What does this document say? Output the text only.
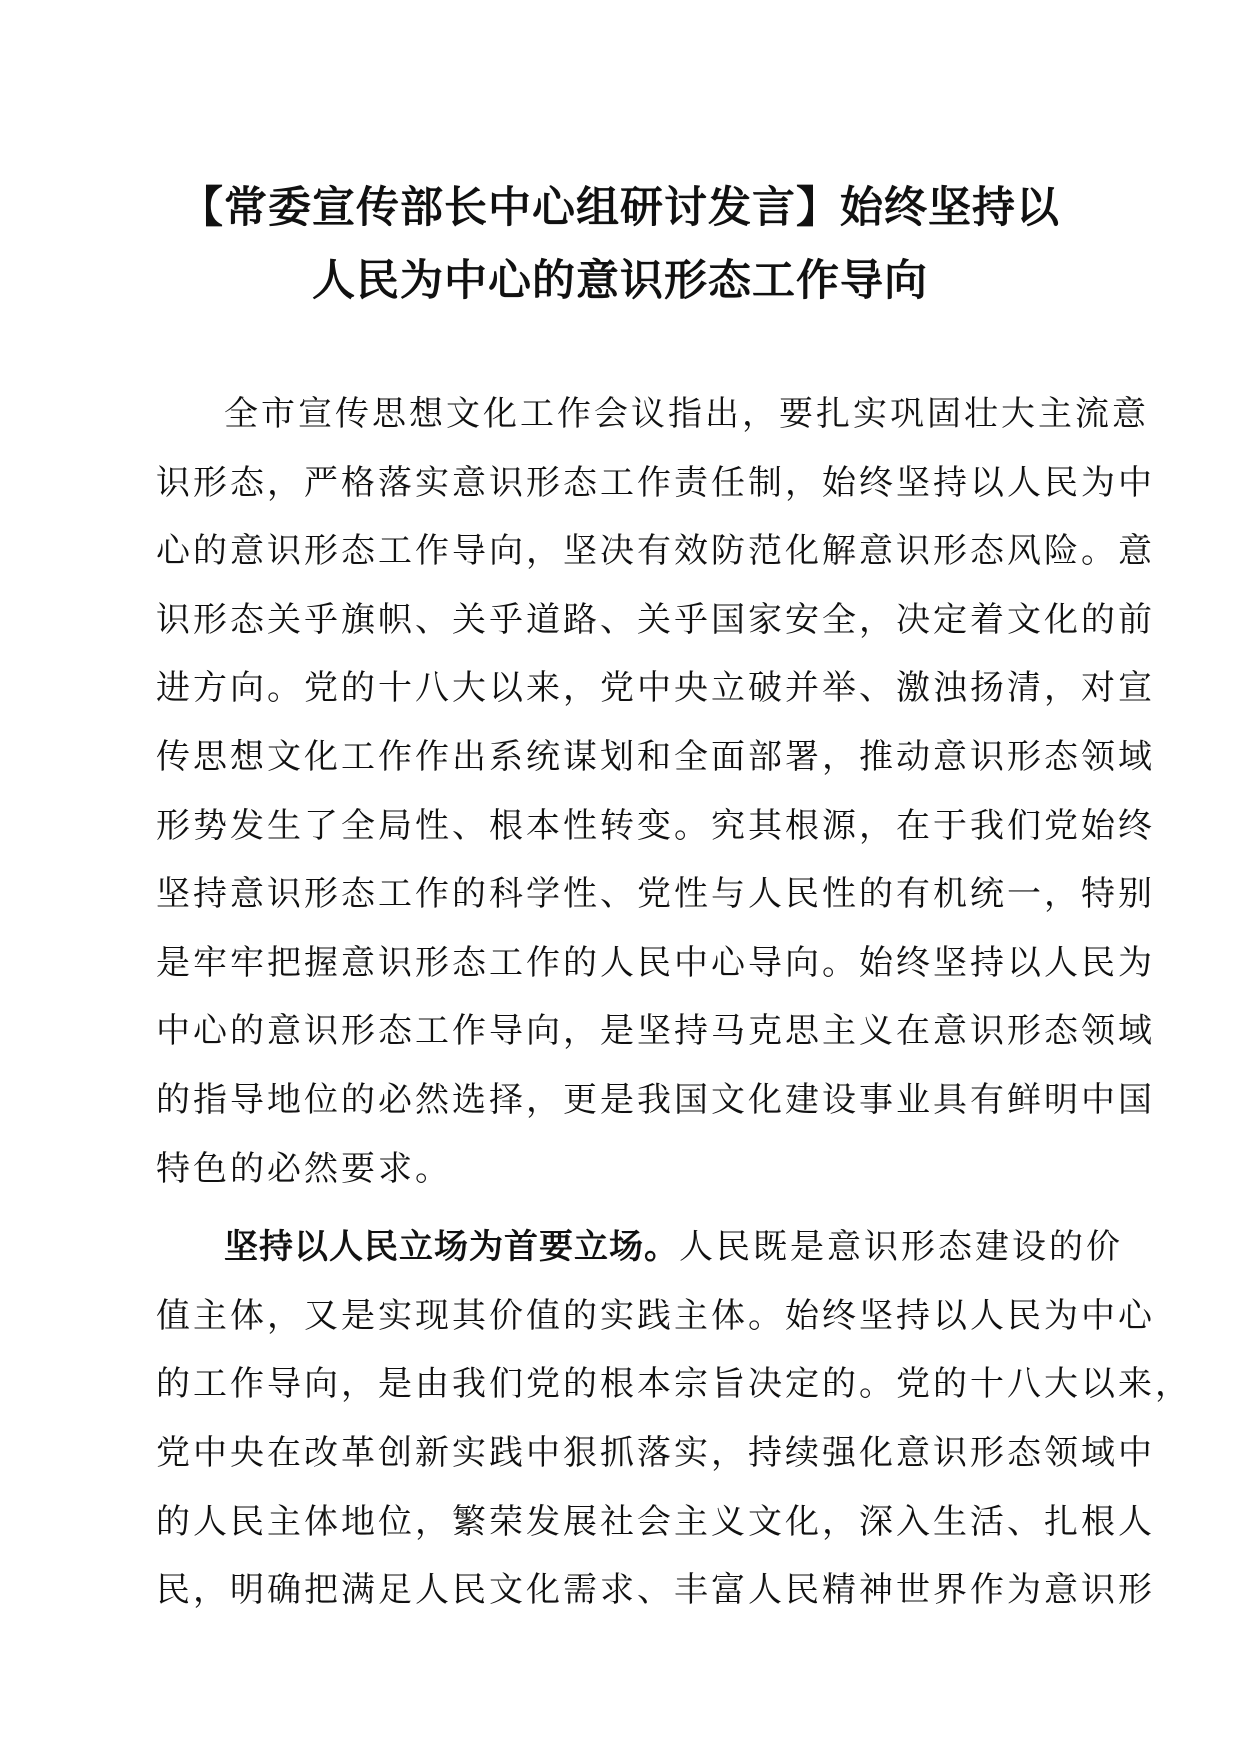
【常委宣传部长中心组研讨发言】始终坚持以
人民为中心的意识形态工作导向
全市宣传思想文化工作会议指出，要扎实巩固壮大主流意
识形态，严格落实意识形态工作责任制，始终坚持以人民为中
心的意识形态工作导向，坚决有效防范化解意识形态风险。意
识形态关乎旗帜、关乎道路、关乎国家安全，决定着文化的前
进方向。党的十八大以来，党中央立破并举、激浊扬清，对宣
传思想文化工作作出系统谋划和全面部署，推动意识形态领域
形势发生了全局性、根本性转变。究其根源，在于我们党始终
坚持意识形态工作的科学性、党性与人民性的有机统一，特别
是牢牢把握意识形态工作的人民中心导向。始终坚持以人民为
中心的意识形态工作导向，是坚持马克思主义在意识形态领域
的指导地位的必然选择，更是我国文化建设事业具有鲜明中国
特色的必然要求。
坚持以人民立场为首要立场。人民既是意识形态建设的价
值主体，又是实现其价值的实践主体。始终坚持以人民为中心
的工作导向，是由我们党的根本宗旨决定的。党的十八大以来，
党中央在改革创新实践中狠抓落实，持续强化意识形态领域中
的人民主体地位，繁荣发展社会主义文化，深入生活、扎根人
民，明确把满足人民文化需求、丰富人民精神世界作为意识形
